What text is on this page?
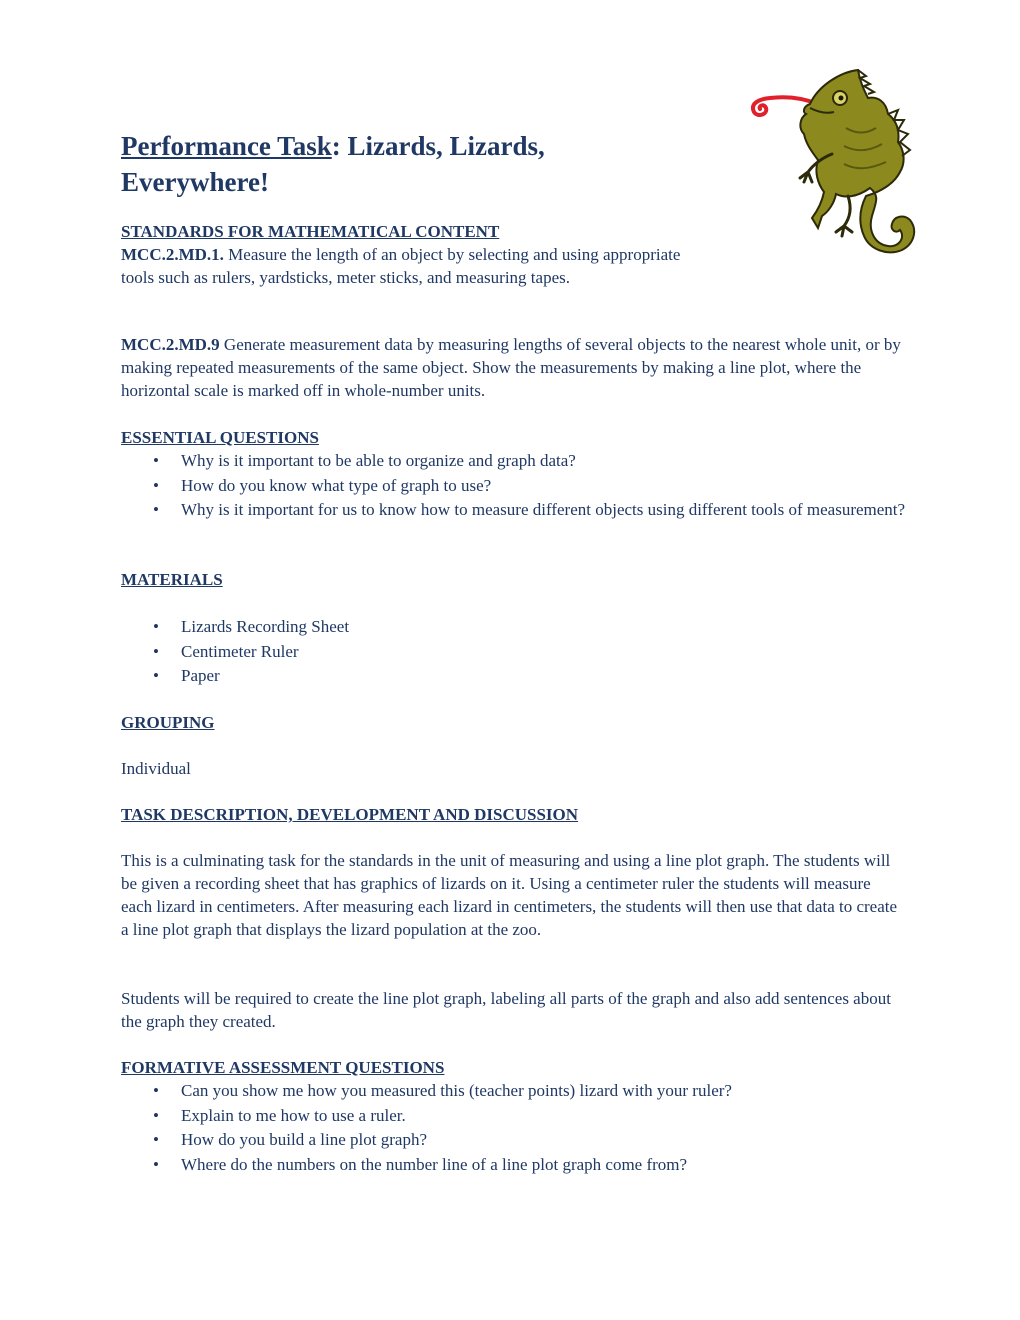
Performance Task: Lizards, Lizards, Everywhere!

STANDARDS FOR MATHEMATICAL CONTENT

MCC.2.MD.1. Measure the length of an object by selecting and using appropriate tools such as rulers, yardsticks, meter sticks, and measuring tapes.

MCC.2.MD.9 Generate measurement data by measuring lengths of several objects to the nearest whole unit, or by making repeated measurements of the same object. Show the measurements by making a line plot, where the horizontal scale is marked off in whole-number units.

ESSENTIAL QUESTIONS

• Why is it important to be able to organize and graph data?
• How do you know what type of graph to use?
• Why is it important for us to know how to measure different objects using different tools of measurement?

MATERIALS

• Lizards Recording Sheet
• Centimeter Ruler
• Paper

GROUPING

Individual

TASK DESCRIPTION, DEVELOPMENT AND DISCUSSION

This is a culminating task for the standards in the unit of measuring and using a line plot graph. The students will be given a recording sheet that has graphics of lizards on it. Using a centimeter ruler the students will measure each lizard in centimeters. After measuring each lizard in centimeters, the students will then use that data to create a line plot graph that displays the lizard population at the zoo.

Students will be required to create the line plot graph, labeling all parts of the graph and also add sentences about the graph they created.

FORMATIVE ASSESSMENT QUESTIONS

• Can you show me how you measured this (teacher points) lizard with your ruler?
• Explain to me how to use a ruler.
• How do you build a line plot graph?
• Where do the numbers on the number line of a line plot graph come from?
